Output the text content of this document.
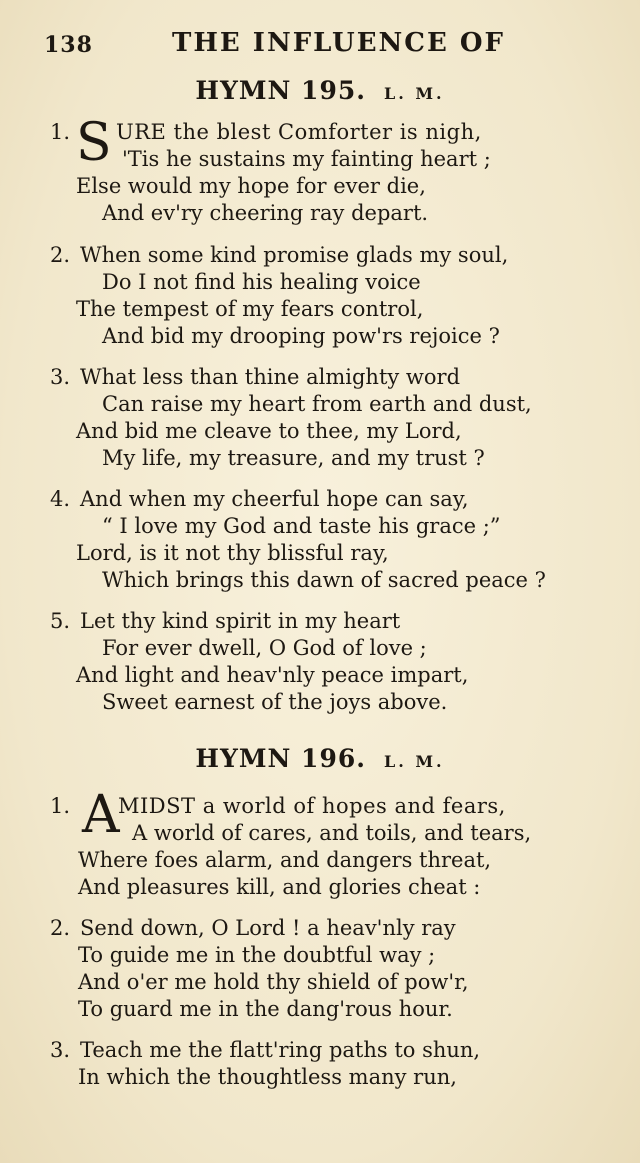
138	THE INFLUENCE OF
HYMN 195. L. M.
1. S URE the blest Comforter is nigh,
'Tis he sustains my fainting heart ;
Else would my hope for ever die,
And ev'ry cheering ray depart.
2. When some kind promise glads my soul,
Do I not find his healing voice
The tempest of my fears control,
And bid my drooping pow'rs rejoice ?
3. What less than thine almighty word
Can raise my heart from earth and dust,
And bid me cleave to thee, my Lord,
My life, my treasure, and my trust ?
4. And when my cheerful hope can say,
“ I love my God and taste his grace ;”
Lord, is it not thy blissful ray,
Which brings this dawn of sacred peace ?
5. Let thy kind spirit in my heart
For ever dwell, O God of love ;
And light and heav'nly peace impart,
Sweet earnest of the joys above.
HYMN 196. L. M.
1. A
MIDST a world of hopes and fears,
A world of cares, and toils, and tears,
Where foes alarm, and dangers threat,
And pleasures kill, and glories cheat :
2. Send down, O Lord ! a heav'nly ray
To guide me in the doubtful way ;
And o'er me hold thy shield of pow'r,
To guard me in the dang'rous hour.
3. Teach me the flatt'ring paths to shun,
In which the thoughtless many run,
